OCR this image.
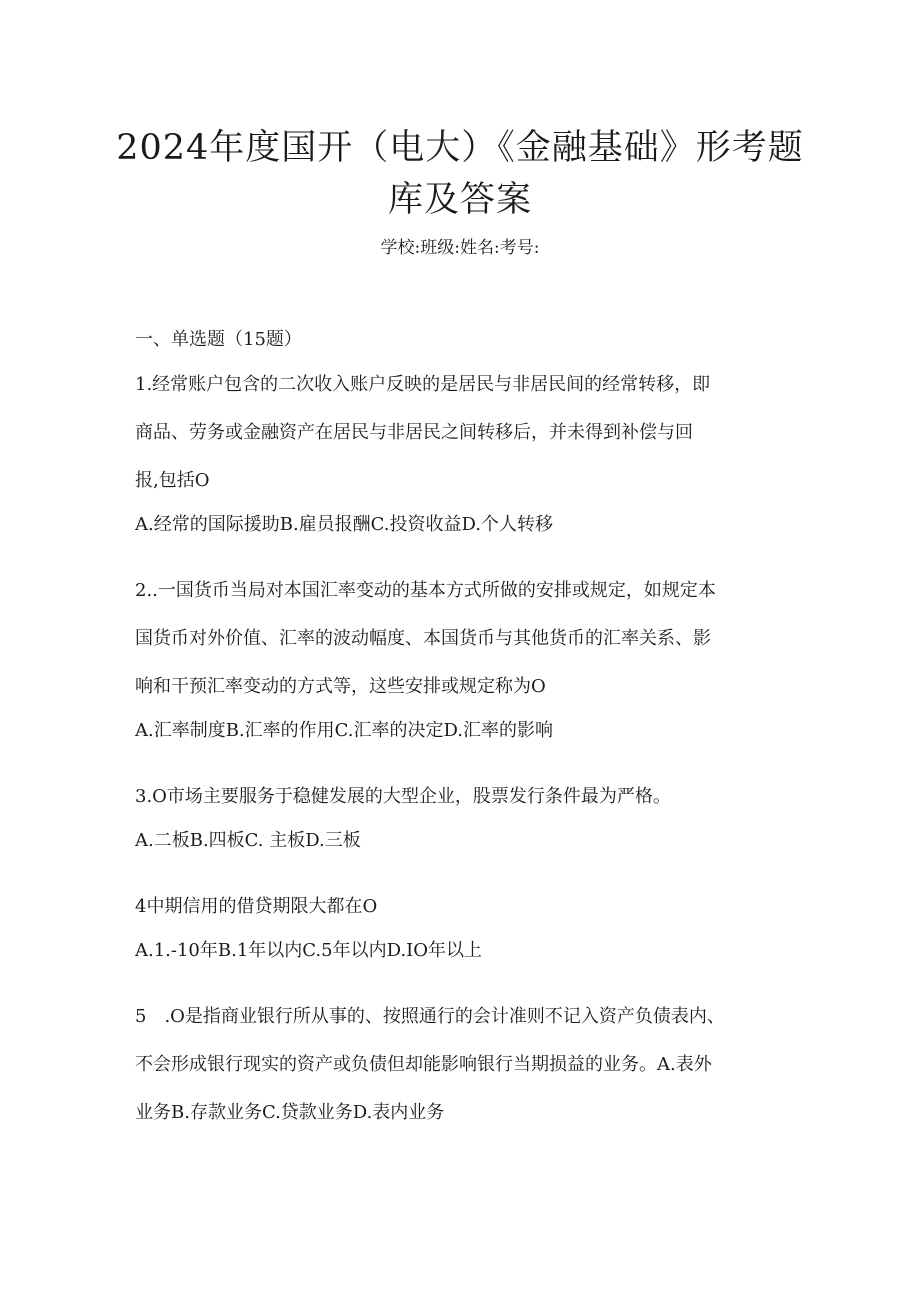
2024年度国开（电大）《金融基础》形考题
库及答案
学校:班级:姓名:考号:

一、单选题（15题）

1.经常账户包含的二次收入账户反映的是居民与非居民间的经常转移，即

商品、劳务或金融资产在居民与非居民之间转移后，并未得到补偿与回

报,包括O

A.经常的国际援助B.雇员报酬C.投资收益D.个人转移

2..一国货币当局对本国汇率变动的基本方式所做的安排或规定，如规定本

国货币对外价值、汇率的波动幅度、本国货币与其他货币的汇率关系、影

响和干预汇率变动的方式等，这些安排或规定称为O

A.汇率制度B.汇率的作用C.汇率的决定D.汇率的影响

3.O市场主要服务于稳健发展的大型企业，股票发行条件最为严格。

A.二板B.四板C. 主板D.三板

4中期信用的借贷期限大都在O

A.1.-10年B.1年以内C.5年以内D.IO年以上

5　.O是指商业银行所从事的、按照通行的会计准则不记入资产负债表内、

不会形成银行现实的资产或负债但却能影响银行当期损益的业务。A.表外

业务B.存款业务C.贷款业务D.表内业务
